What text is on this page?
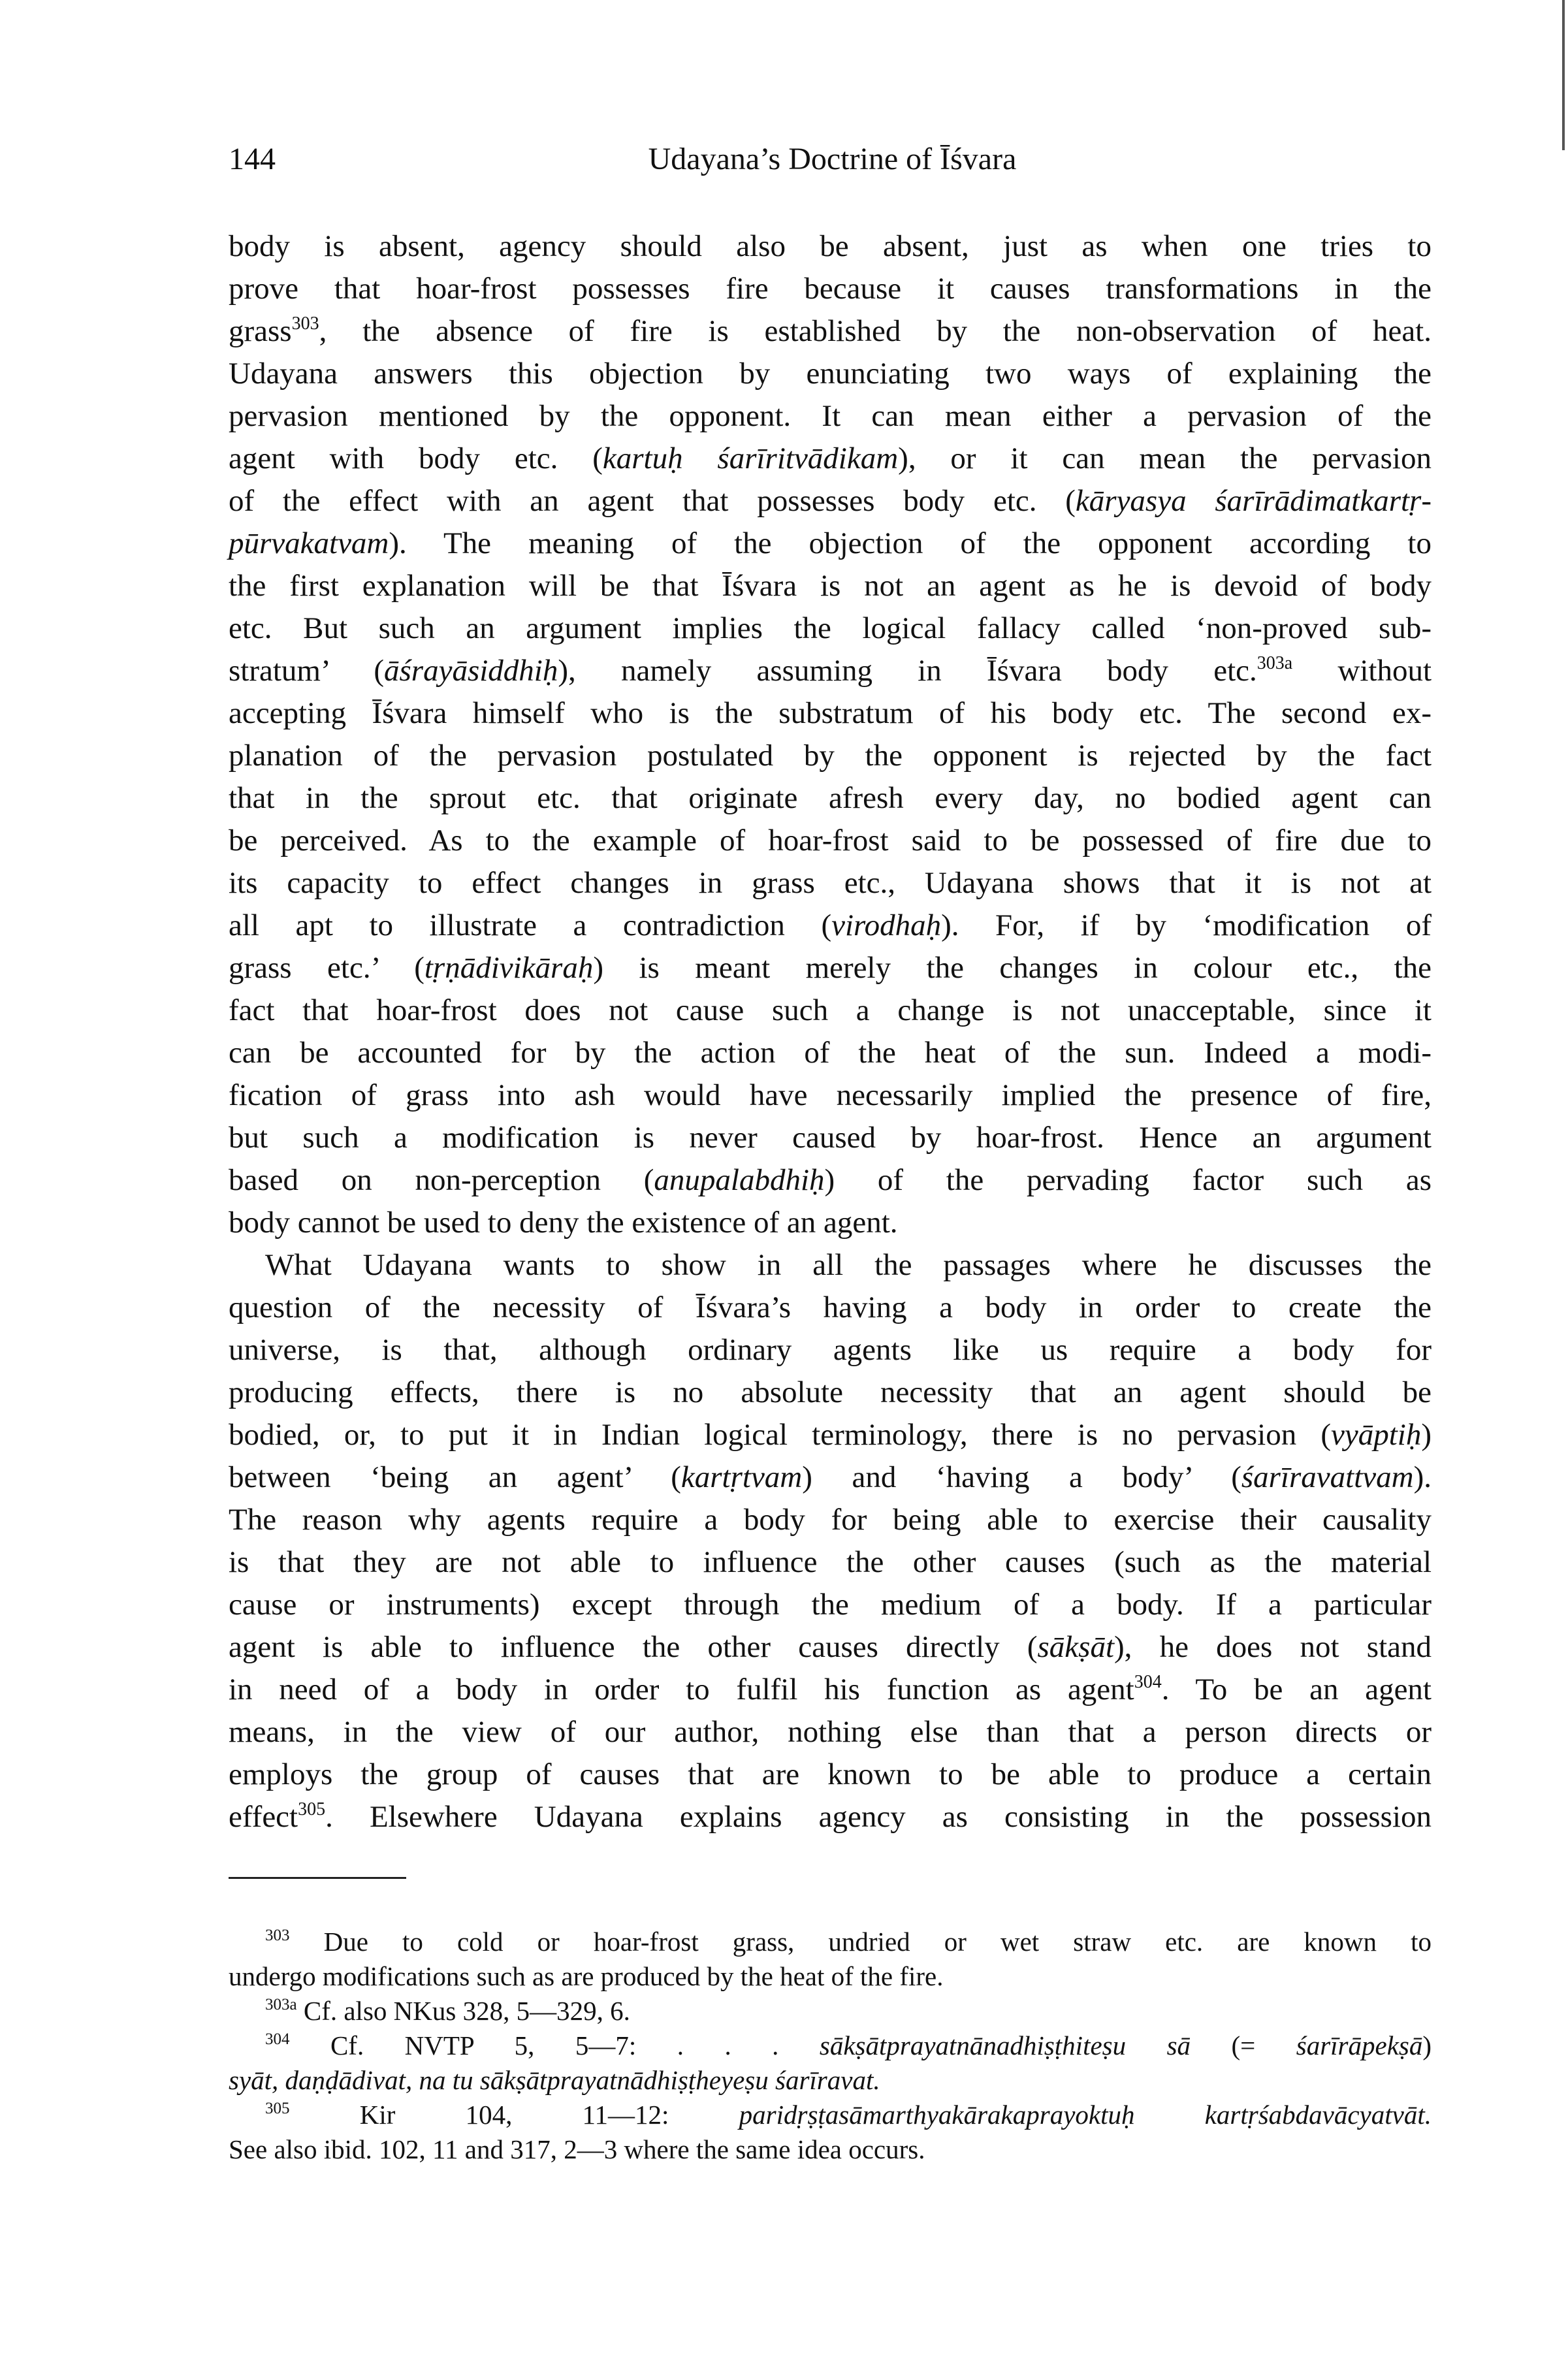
144	Udayana’s Doctrine of Īśvara
body is absent, agency should also be absent, just as when one tries to
prove that hoar-frost possesses fire because it causes transformations in the
grass$^{303}$, the absence of fire is established by the non-observation of heat.
Udayana answers this objection by enunciating two ways of explaining the
pervasion mentioned by the opponent. It can mean either a pervasion of the
agent with body etc. (kartuḥ śarīritvādikam), or it can mean the pervasion
of the effect with an agent that possesses body etc. (kāryasya śarīrādimatkartṛ-
pūrvakatvam). The meaning of the objection of the opponent according to
the first explanation will be that Īśvara is not an agent as he is devoid of body
etc. But such an argument implies the logical fallacy called ‘non-proved sub-
stratum’ (āśrayāsiddhiḥ), namely assuming in Īśvara body etc.$^{303a}$ without
accepting Īśvara himself who is the substratum of his body etc. The second ex-
planation of the pervasion postulated by the opponent is rejected by the fact
that in the sprout etc. that originate afresh every day, no bodied agent can
be perceived. As to the example of hoar-frost said to be possessed of fire due to
its capacity to effect changes in grass etc., Udayana shows that it is not at
all apt to illustrate a contradiction (virodhaḥ). For, if by ‘modification of
grass etc.’ (tṛṇādivikāraḥ) is meant merely the changes in colour etc., the
fact that hoar-frost does not cause such a change is not unacceptable, since it
can be accounted for by the action of the heat of the sun. Indeed a modi-
fication of grass into ash would have necessarily implied the presence of fire,
but such a modification is never caused by hoar-frost. Hence an argument
based on non-perception (anupalabdhiḥ) of the pervading factor such as
body cannot be used to deny the existence of an agent.
What Udayana wants to show in all the passages where he discusses the
question of the necessity of Īśvara’s having a body in order to create the
universe, is that, although ordinary agents like us require a body for
producing effects, there is no absolute necessity that an agent should be
bodied, or, to put it in Indian logical terminology, there is no pervasion (vyāptiḥ)
between ‘being an agent’ (kartṛtvam) and ‘having a body’ (śarīravattvam).
The reason why agents require a body for being able to exercise their causality
is that they are not able to influence the other causes (such as the material
cause or instruments) except through the medium of a body. If a particular
agent is able to influence the other causes directly (sākṣāt), he does not stand
in need of a body in order to fulfil his function as agent$^{304}$. To be an agent
means, in the view of our author, nothing else than that a person directs or
employs the group of causes that are known to be able to produce a certain
effect$^{305}$. Elsewhere Udayana explains agency as consisting in the possession
$^{303}$ Due to cold or hoar-frost grass, undried or wet straw etc. are known to
undergo modifications such as are produced by the heat of the fire.
$^{303a}$ Cf. also NKus 328, 5—329, 6.
$^{304}$ Cf. NVTP 5, 5—7: . . . sākṣātprayatnānadhiṣṭhiteṣu sā (= śarīrāpekṣā)
syāt, daṇḍādivat, na tu sākṣātprayatnādhiṣṭheyeṣu śarīravat.
$^{305}$ Kir 104, 11—12: paridṛṣṭasāmarthyakārakaprayoktuḥ kartṛśabdavācyatvāt.
See also ibid. 102, 11 and 317, 2—3 where the same idea occurs.
